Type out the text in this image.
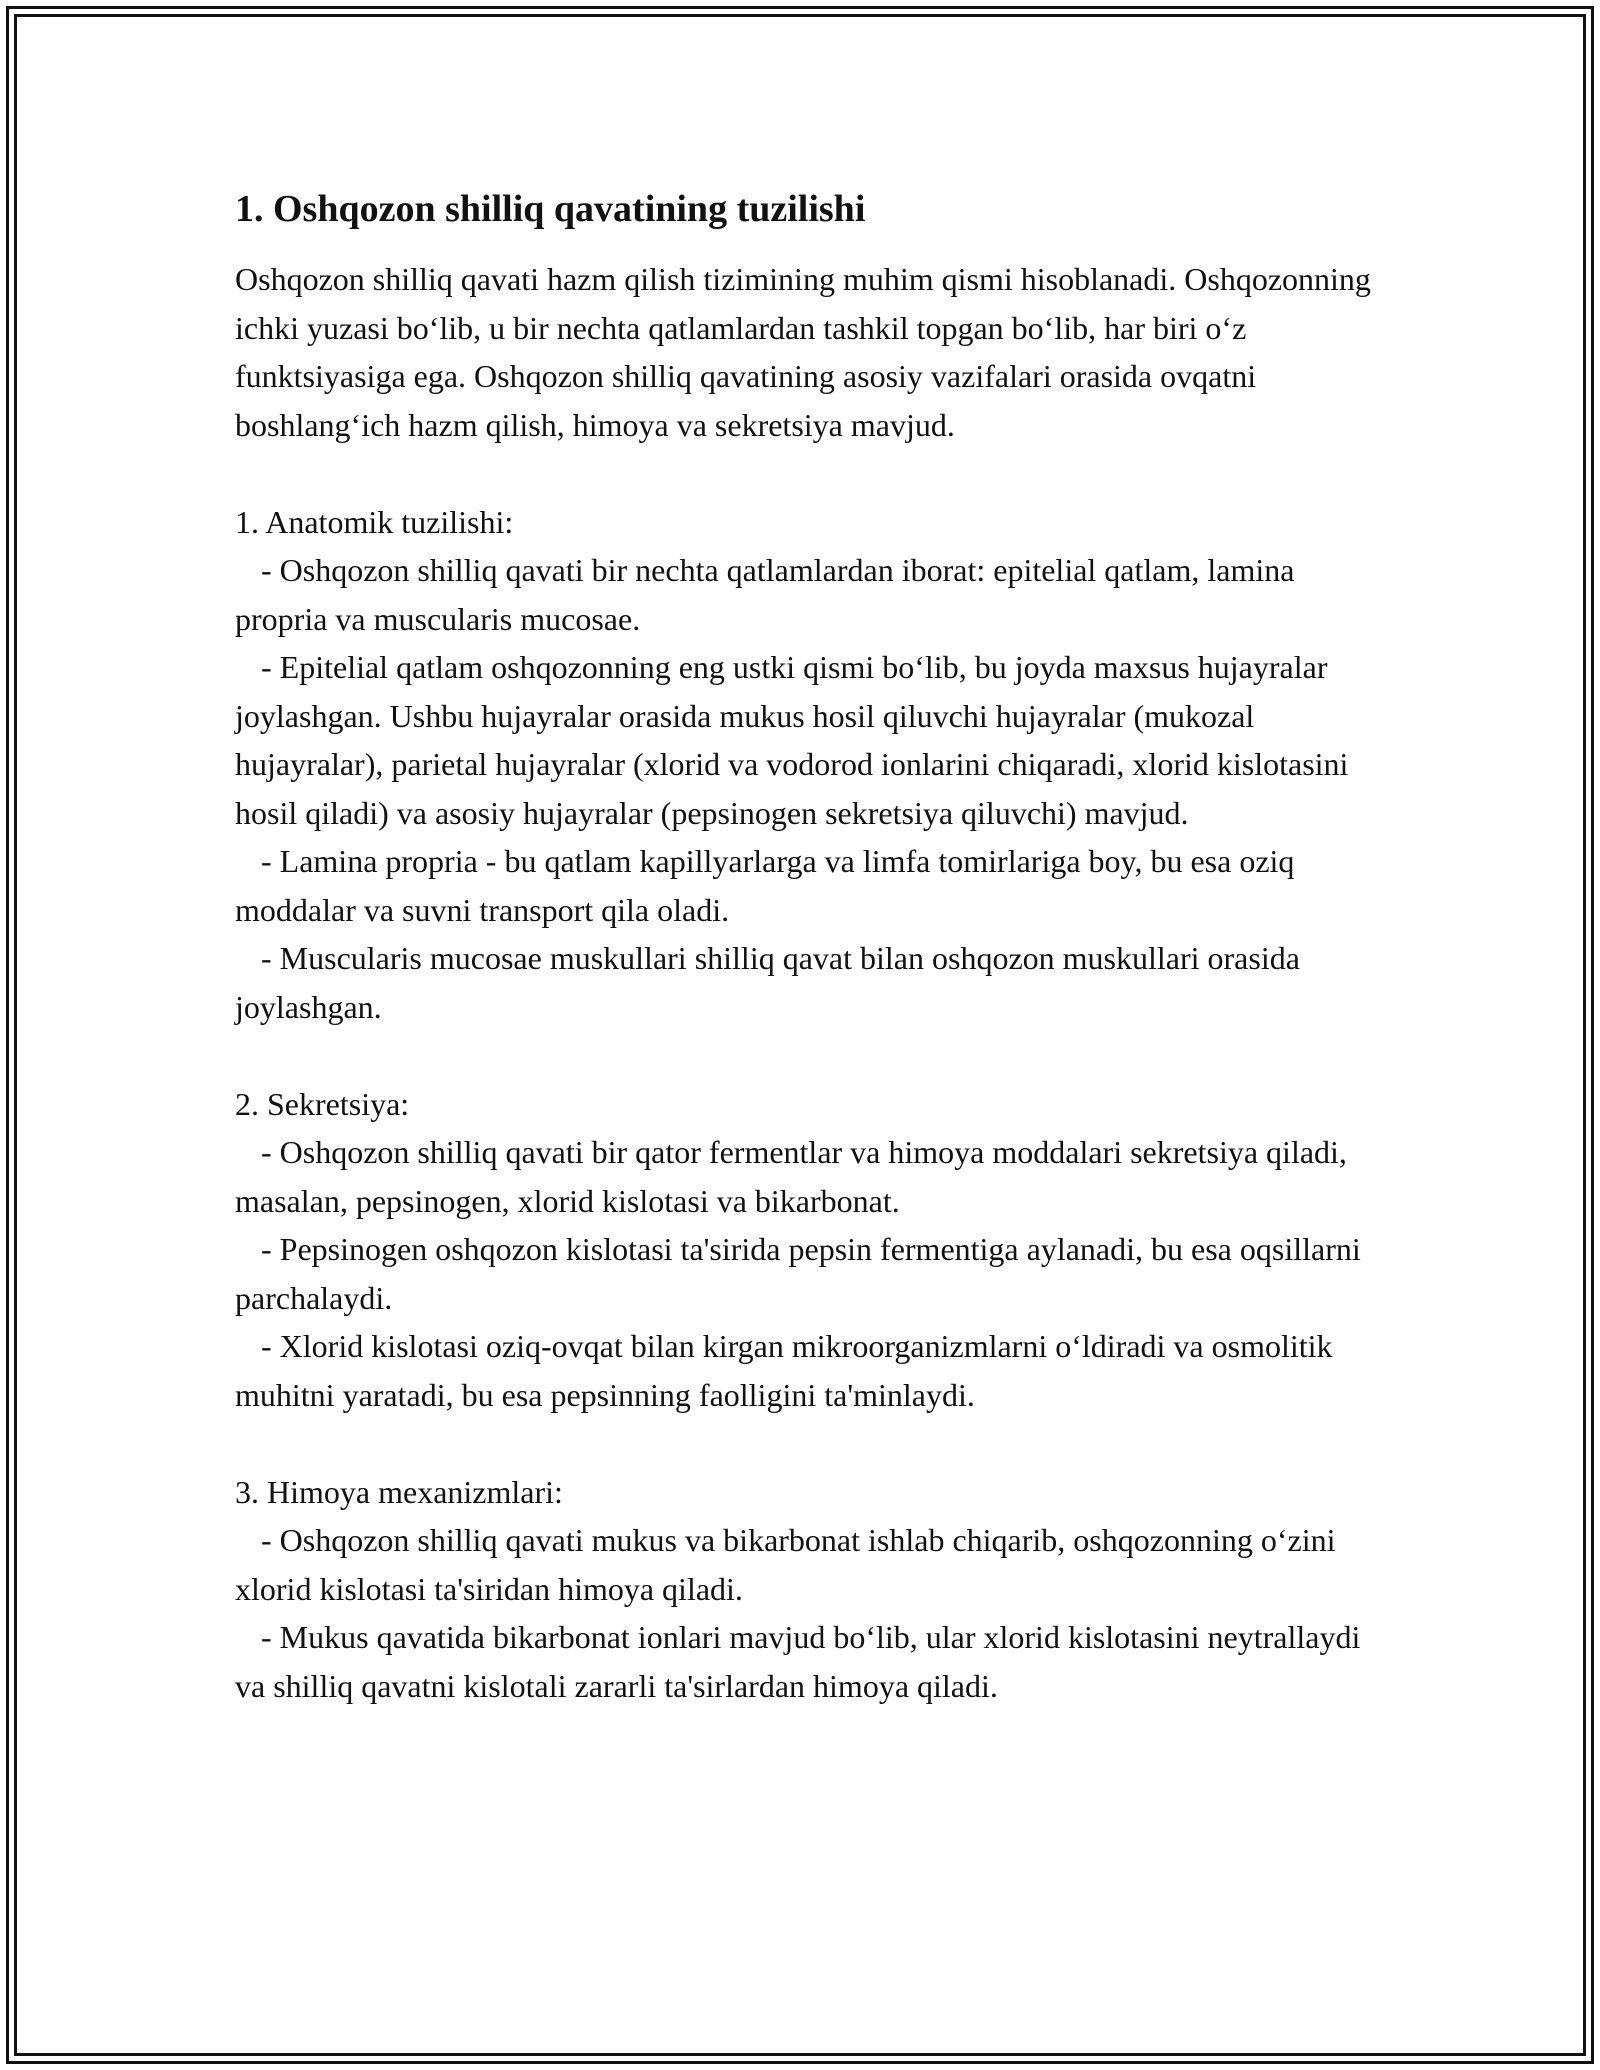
1. Oshqozon shilliq qavatining tuzilishi

Oshqozon shilliq qavati hazm qilish tizimining muhim qismi hisoblanadi. Oshqozonning ichki yuzasi bo‘lib, u bir nechta qatlamlardan tashkil topgan bo‘lib, har biri o‘z funktsiyasiga ega. Oshqozon shilliq qavatining asosiy vazifalari orasida ovqatni boshlang‘ich hazm qilish, himoya va sekretsiya mavjud.

1. Anatomik tuzilishi:

- Oshqozon shilliq qavati bir nechta qatlamlardan iborat: epitelial qatlam, lamina propria va muscularis mucosae.

- Epitelial qatlam oshqozonning eng ustki qismi bo‘lib, bu joyda maxsus hujayralar joylashgan. Ushbu hujayralar orasida mukus hosil qiluvchi hujayralar (mukozal hujayralar), parietal hujayralar (xlorid va vodorod ionlarini chiqaradi, xlorid kislotasini hosil qiladi) va asosiy hujayralar (pepsinogen sekretsiya qiluvchi) mavjud.

- Lamina propria - bu qatlam kapillyarlarga va limfa tomirlariga boy, bu esa oziq moddalar va suvni transport qila oladi.

- Muscularis mucosae muskullari shilliq qavat bilan oshqozon muskullari orasida joylashgan.

2. Sekretsiya:

- Oshqozon shilliq qavati bir qator fermentlar va himoya moddalari sekretsiya qiladi, masalan, pepsinogen, xlorid kislotasi va bikarbonat.

- Pepsinogen oshqozon kislotasi ta'sirida pepsin fermentiga aylanadi, bu esa oqsillarni parchalaydi.

- Xlorid kislotasi oziq-ovqat bilan kirgan mikroorganizmlarni o‘ldiradi va osmolitik muhitni yaratadi, bu esa pepsinning faolligini ta'minlaydi.

3. Himoya mexanizmlari:

- Oshqozon shilliq qavati mukus va bikarbonat ishlab chiqarib, oshqozonning o‘zini xlorid kislotasi ta'siridan himoya qiladi.

- Mukus qavatida bikarbonat ionlari mavjud bo‘lib, ular xlorid kislotasini neytrallaydi va shilliq qavatni kislotali zararli ta'sirlardan himoya qiladi.
